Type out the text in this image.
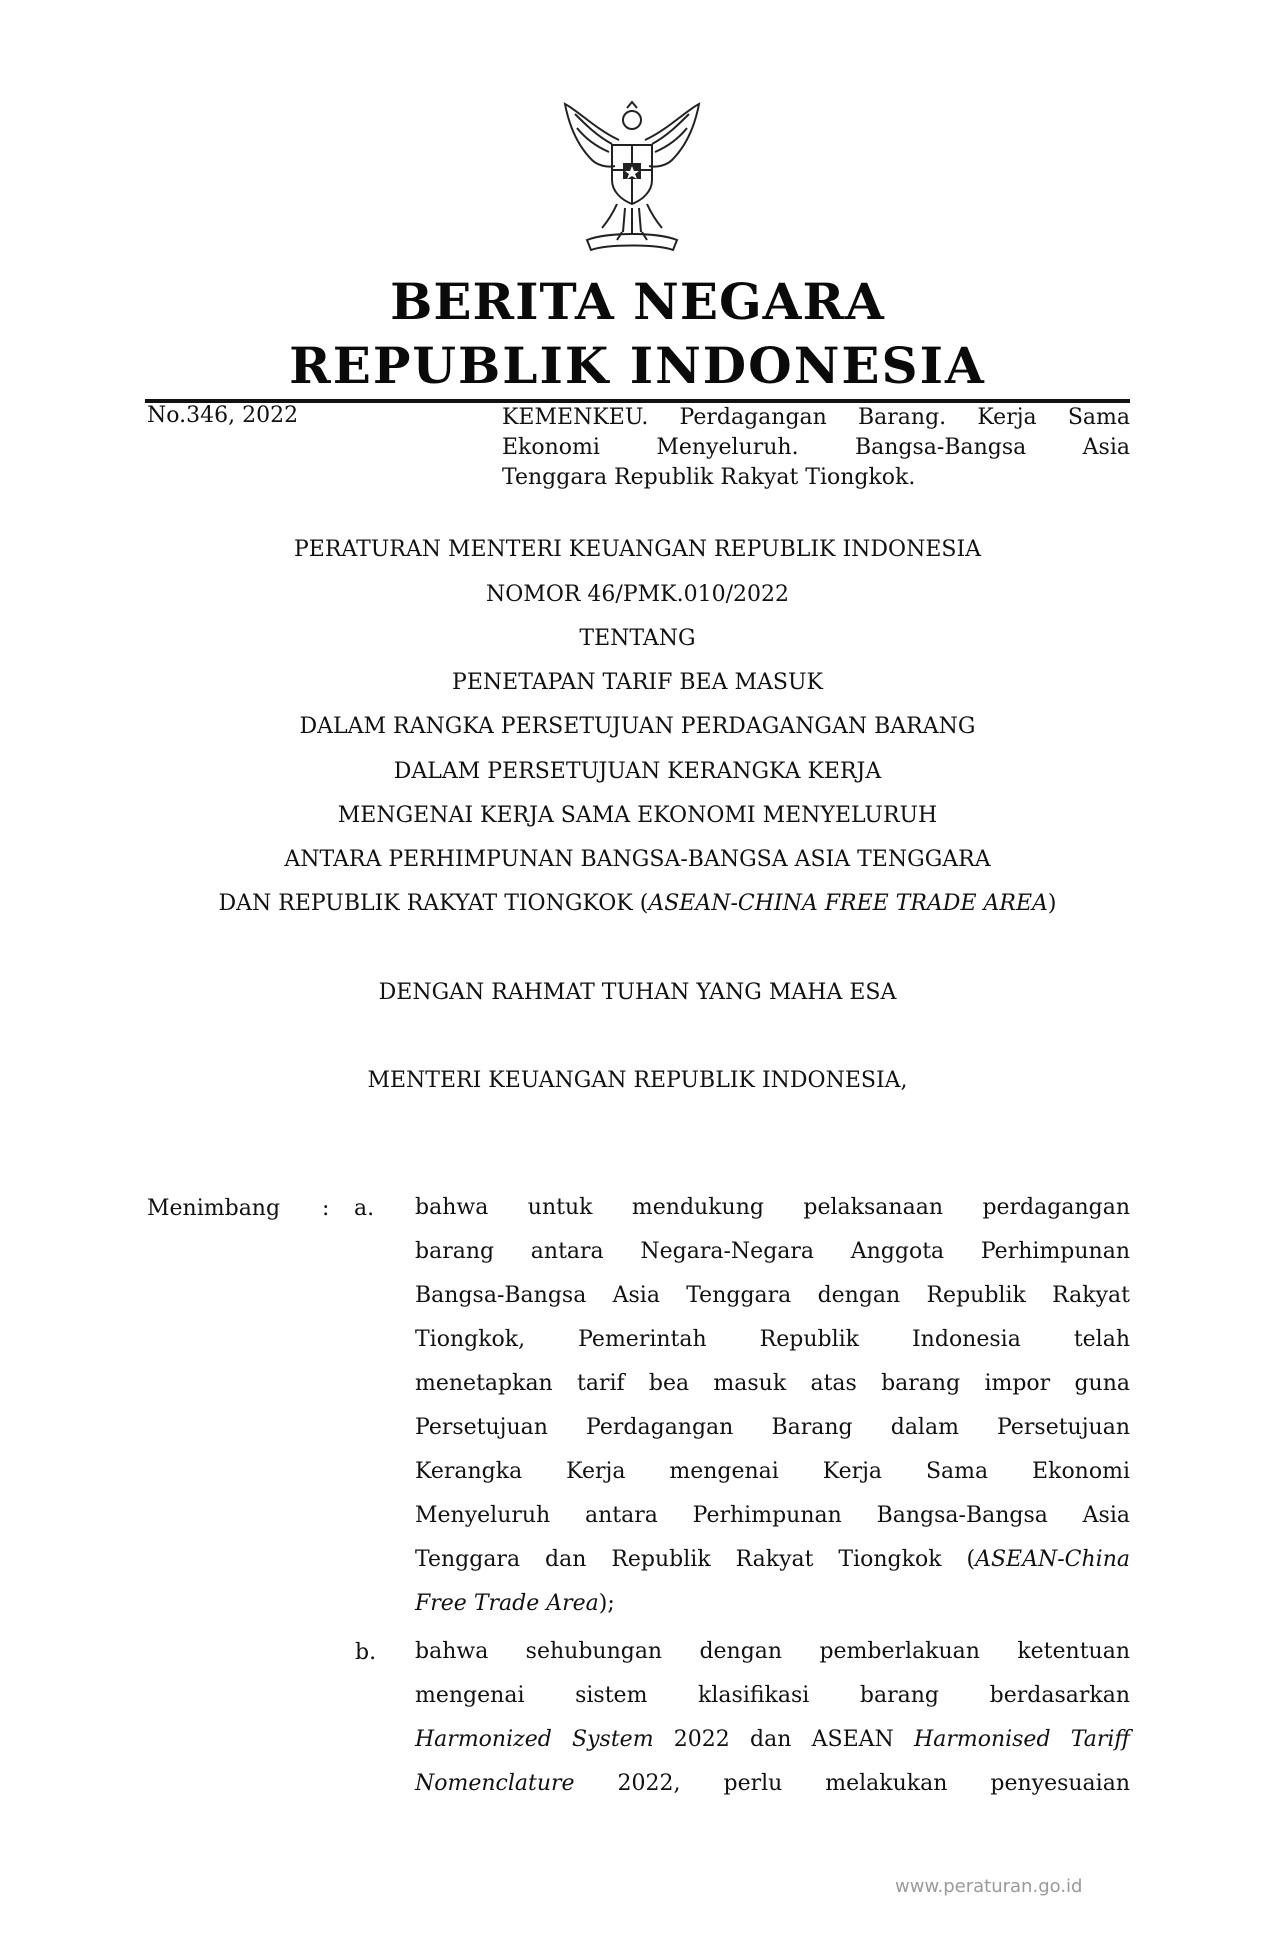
BERITA NEGARA
REPUBLIK INDONESIA
No.346, 2022	KEMENKEU. Perdagangan Barang. Kerja Sama
Ekonomi Menyeluruh. Bangsa-Bangsa Asia
Tenggara Republik Rakyat Tiongkok.
PERATURAN MENTERI KEUANGAN REPUBLIK INDONESIA
NOMOR 46/PMK.010/2022
TENTANG
PENETAPAN TARIF BEA MASUK
DALAM RANGKA PERSETUJUAN PERDAGANGAN BARANG
DALAM PERSETUJUAN KERANGKA KERJA
MENGENAI KERJA SAMA EKONOMI MENYELURUH
ANTARA PERHIMPUNAN BANGSA-BANGSA ASIA TENGGARA
DAN REPUBLIK RAKYAT TIONGKOK (ASEAN-CHINA FREE TRADE AREA)
DENGAN RAHMAT TUHAN YANG MAHA ESA
MENTERI KEUANGAN REPUBLIK INDONESIA,
Menimbang : a. bahwa untuk mendukung pelaksanaan perdagangan
barang antara Negara-Negara Anggota Perhimpunan
Bangsa-Bangsa Asia Tenggara dengan Republik Rakyat
Tiongkok, Pemerintah Republik Indonesia telah
menetapkan tarif bea masuk atas barang impor guna
Persetujuan Perdagangan Barang dalam Persetujuan
Kerangka Kerja mengenai Kerja Sama Ekonomi
Menyeluruh antara Perhimpunan Bangsa-Bangsa Asia
Tenggara dan Republik Rakyat Tiongkok (ASEAN-China
Free Trade Area);
b. bahwa sehubungan dengan pemberlakuan ketentuan
mengenai sistem klasifikasi barang berdasarkan
Harmonized System 2022 dan ASEAN Harmonised Tariff
Nomenclature 2022, perlu melakukan penyesuaian
www.peraturan.go.id
